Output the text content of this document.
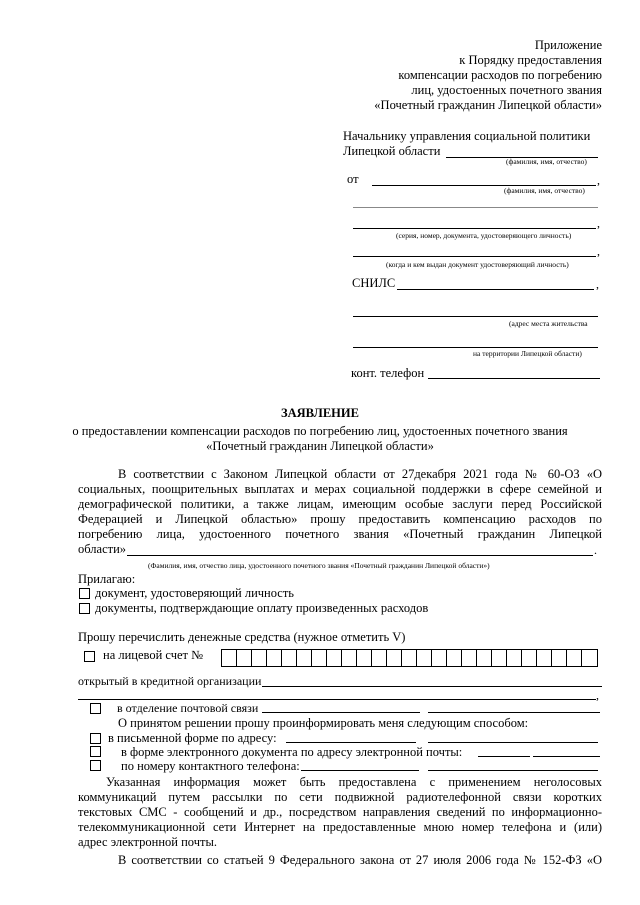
Приложение
к Порядку предоставления
компенсации расходов по погребению
лиц, удостоенных почетного звания
«Почетный гражданин Липецкой области»
Начальнику управления социальной политики
Липецкой области
(фамилия, имя, отчество)
от	,
(фамилия, имя, отчество)
,
(серия, номер, документа, удостоверяющего личность)
,
(когда и кем выдан документ удостоверяющий личность)
СНИЛС	,
(адрес места жительства
на территории Липецкой области)
конт. телефон
ЗАЯВЛЕНИЕ
о предоставлении компенсации расходов по погребению лиц, удостоенных почетного звания
«Почетный гражданин Липецкой области»
В соответствии с Законом Липецкой области от 27декабря 2021 года № 60-ОЗ «О
социальных, поощрительных выплатах и мерах социальной поддержки в сфере семейной и
демографической политики, а также лицам, имеющим особые заслуги перед Российской
Федерацией и Липецкой областью» прошу предоставить компенсацию расходов по
погребению лица, удостоенного почетного звания «Почетный гражданин Липецкой
области»	.
(Фамилия, имя, отчество лица, удостоенного почетного звания «Почетный гражданин Липецкой области»)
Прилагаю:
документ, удостоверяющий личность
документы, подтверждающие оплату произведенных расходов
Прошу перечислить денежные средства (нужное отметить V)
на лицевой счет №
открытый в кредитной организации
,
в отделение почтовой связи
О принятом решении прошу проинформировать меня следующим способом:
в письменной форме по адресу:
в форме электронного документа по адресу электронной почты:
по номеру контактного телефона:
Указанная информация может быть предоставлена с применением неголосовых
коммуникаций путем рассылки по сети подвижной радиотелефонной связи коротких
текстовых СМС - сообщений и др., посредством направления сведений по информационно-
телекоммуникационной сети Интернет на предоставленные мною номер телефона и (или)
адрес электронной почты.
В соответствии со статьей 9 Федерального закона от 27 июля 2006 года № 152-ФЗ «О
